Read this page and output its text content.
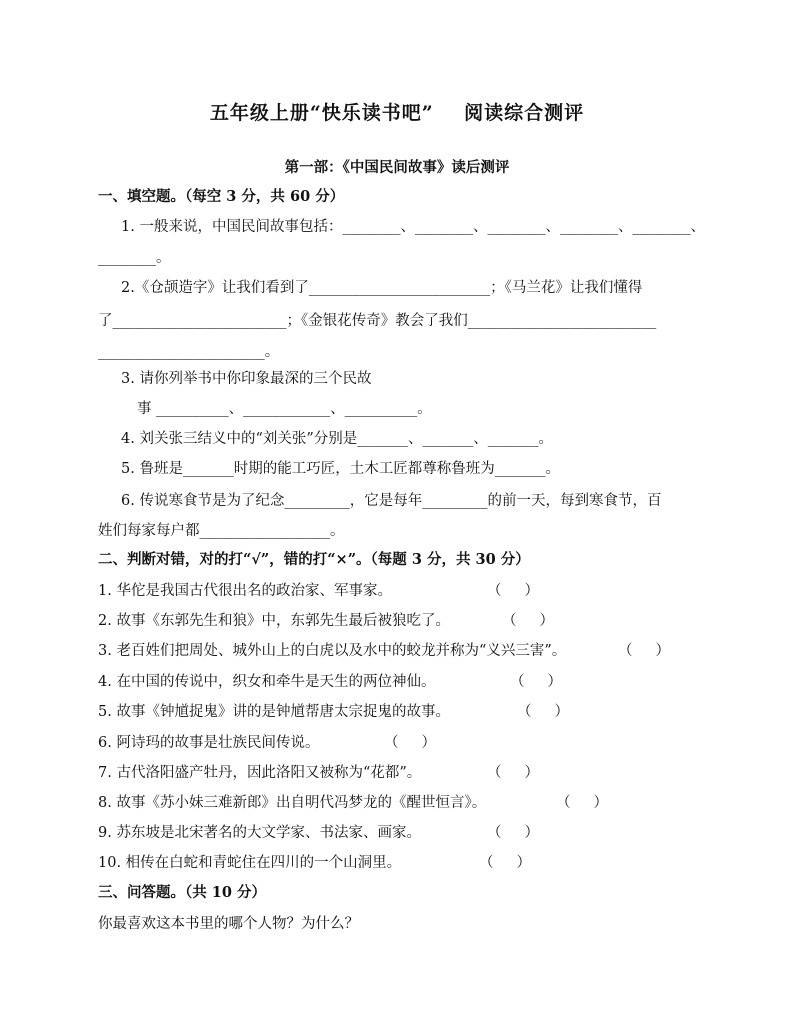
五年级上册“快乐读书吧”    阅读综合测评
第一部：《中国民间故事》读后测评
一、填空题。（每空 3 分，共 60 分）
1. 一般来说，中国民间故事包括：________、________、________、________、________、
________。
2.《仓颉造字》让我们看到了_________________________；《马兰花》让我们懂得
了________________________；《金银花传奇》教会了我们__________________________
_______________________。
3. 请你列举书中你印象最深的三个民故
事 __________、____________、__________。
4. 刘关张三结义中的“刘关张”分别是_______、_______、_______。
5. 鲁班是_______时期的能工巧匠，土木工匠都尊称鲁班为_______。
6. 传说寒食节是为了纪念_________，它是每年_________的前一天，每到寒食节，百
姓们每家每户都__________________。
二、判断对错，对的打“√”，错的打“×”。（每题 3 分，共 30 分）
1. 华佗是我国古代很出名的政治家、军事家。	（     ）
2. 故事《东郭先生和狼》中，东郭先生最后被狼吃了。	（     ）
3. 老百姓们把周处、城外山上的白虎以及水中的蛟龙并称为“义兴三害”。	（     ）
4. 在中国的传说中，织女和牵牛是天生的两位神仙。	（     ）
5. 故事《钟馗捉鬼》讲的是钟馗帮唐太宗捉鬼的故事。	（     ）
6. 阿诗玛的故事是壮族民间传说。	（     ）
7. 古代洛阳盛产牡丹，因此洛阳又被称为“花都”。	（     ）
8. 故事《苏小妹三难新郎》出自明代冯梦龙的《醒世恒言》。	（     ）
9. 苏东坡是北宋著名的大文学家、书法家、画家。	（     ）
10. 相传在白蛇和青蛇住在四川的一个山洞里。	（     ）
三、问答题。（共 10 分）
你最喜欢这本书里的哪个人物？为什么？
